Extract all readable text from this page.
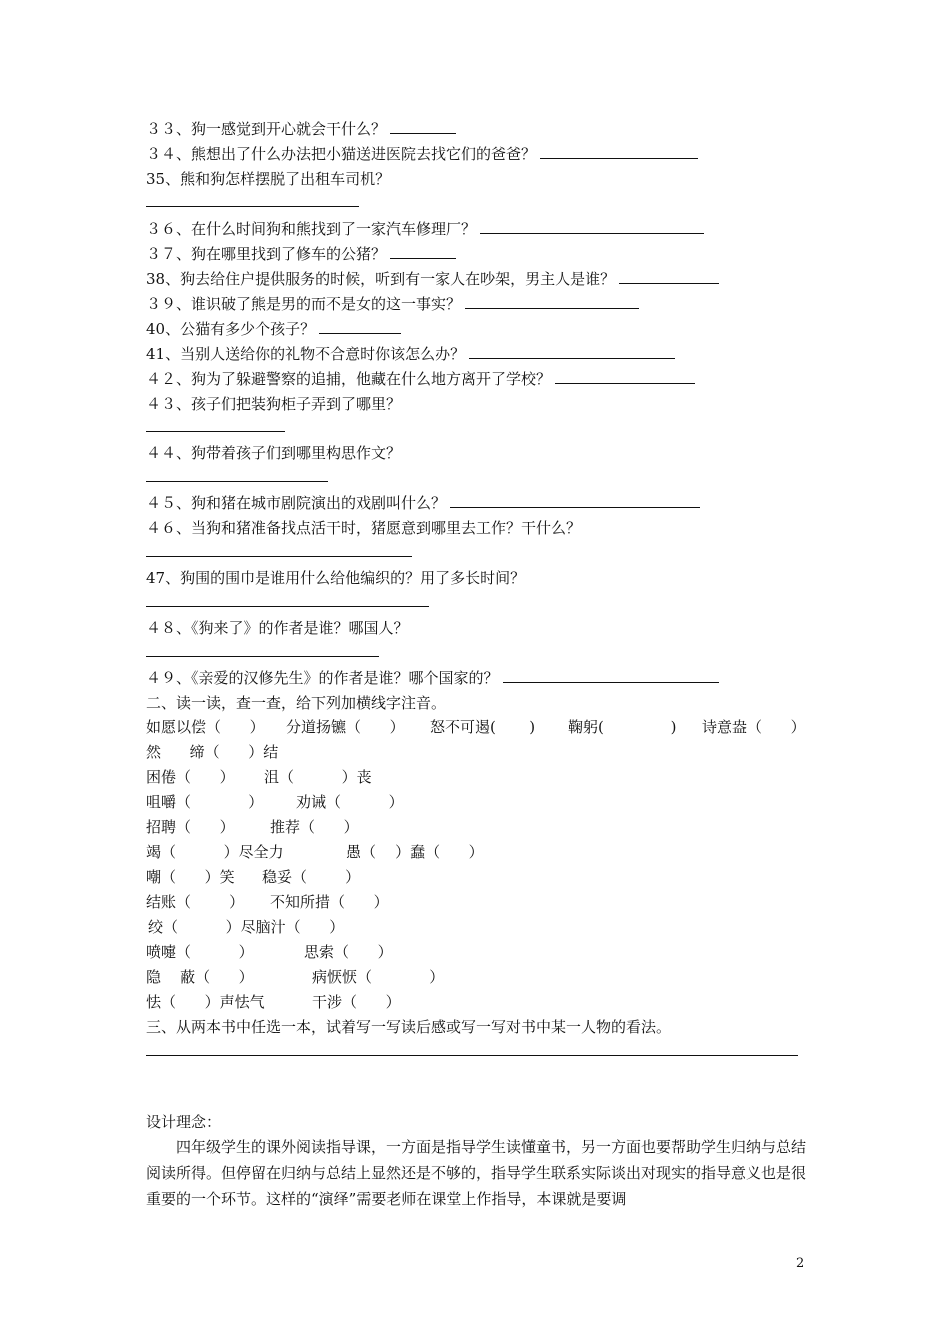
３３、狗一感觉到开心就会干什么？
３４、熊想出了什么办法把小猫送进医院去找它们的爸爸？
35、熊和狗怎样摆脱了出租车司机？
３６、在什么时间狗和熊找到了一家汽车修理厂？
３７、狗在哪里找到了修车的公猪？
38、狗去给住户提供服务的时候，听到有一家人在吵架，男主人是谁？
３９、谁识破了熊是男的而不是女的这一事实？
40、公猫有多少个孩子？
41、当别人送给你的礼物不合意时你该怎么办？
４２、狗为了躲避警察的追捕，他藏在什么地方离开了学校？
４３、孩子们把装狗柜子弄到了哪里？
４４、狗带着孩子们到哪里构思作文？
４５、狗和猪在城市剧院演出的戏剧叫什么？
４６、当狗和猪准备找点活干时，猪愿意到哪里去工作？干什么？
47、狗围的围巾是谁用什么给他编织的？用了多长时间？
４８、《狗来了》的作者是谁？哪国人？
４９、《亲爱的汉修先生》的作者是谁？哪个国家的？
二、读一读，查一查，给下列加横线字注音。
如愿以偿（      ） 分道扬镳（      ） 怒不可遏(       ) 鞠躬(              ) 诗意盎（      ）
然      缔（      ）结
困倦（      ） 沮（          ）丧
咀嚼（            ） 劝诫（          ）
招聘（      ） 推荐（      ）
竭（          ）尽全力	愚（    ）蠢（      ）
嘲（      ）笑 稳妥（        ）
结账（        ） 不知所措（      ）
绞（          ）尽脑汁（      ）
喷嚏（          ）	思索（      ）
隐    蔽（      ）	病恹恹（            ）
怯（      ）声怯气	干涉（      ）
三、从两本书中任选一本，试着写一写读后感或写一写对书中某一人物的看法。
设计理念：
四年级学生的课外阅读指导课，一方面是指导学生读懂童书，另一方面也要帮助学生归纳与总结阅读所得。但停留在归纳与总结上显然还是不够的，指导学生联系实际谈出对现实的指导意义也是很重要的一个环节。这样的“演绎”需要老师在课堂上作指导，本课就是要调
2
